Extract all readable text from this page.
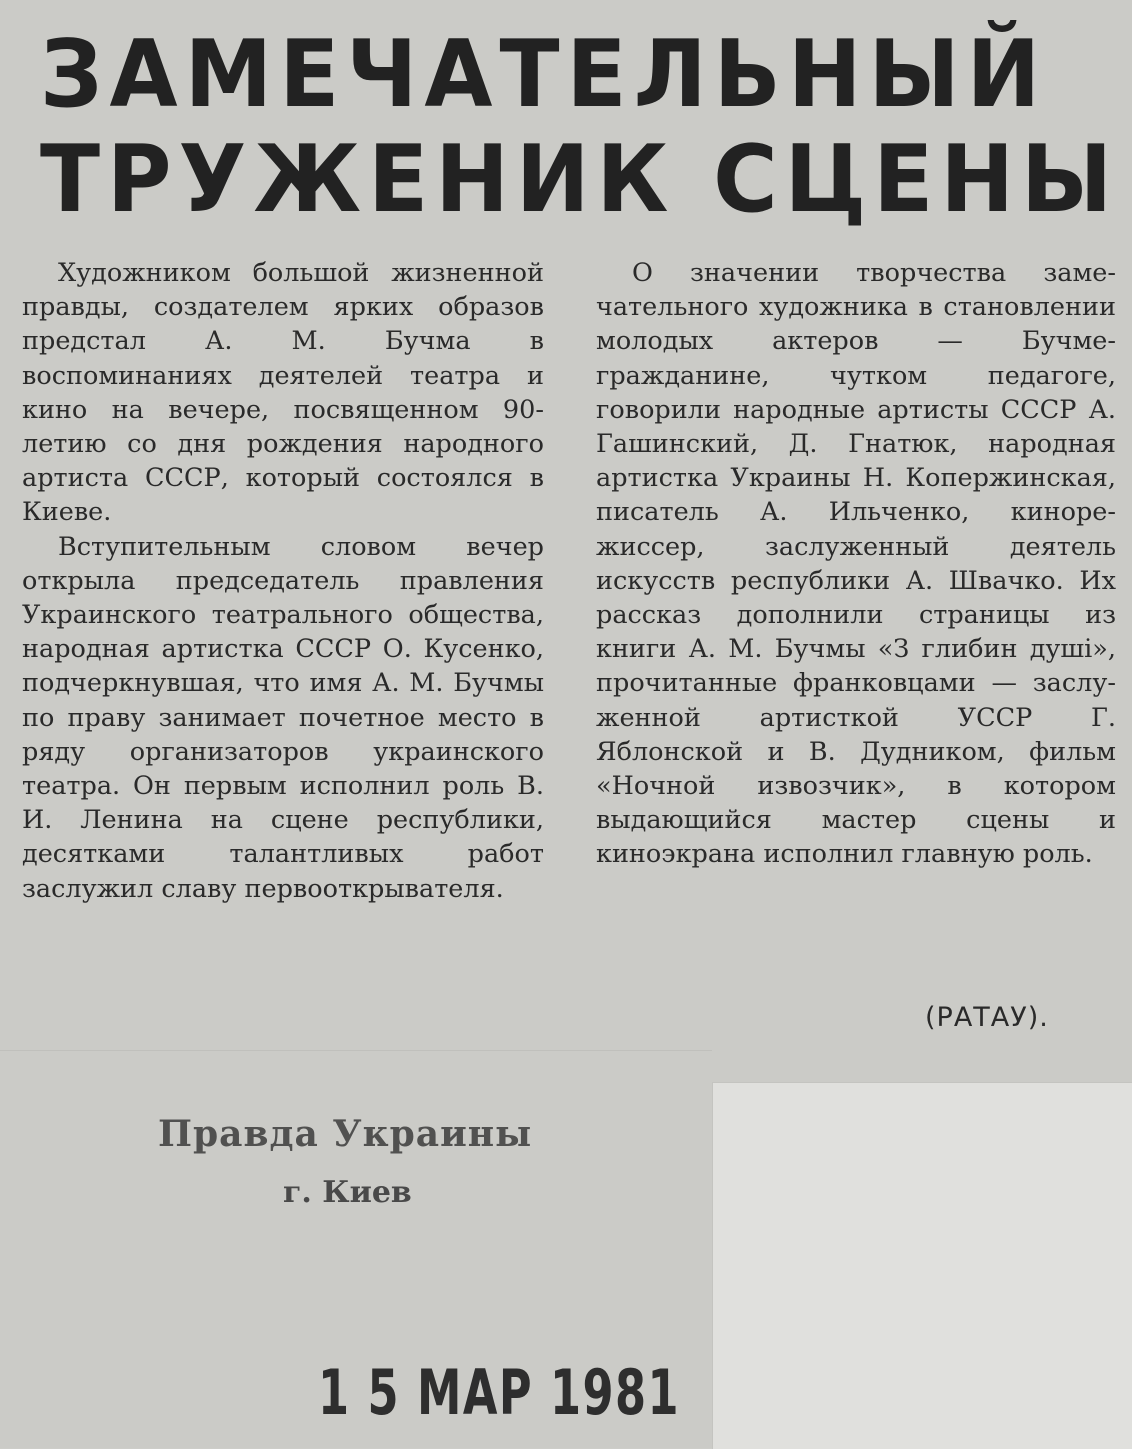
ЗАМЕЧАТЕЛЬНЫЙ
ТРУЖЕНИК СЦЕНЫ

Художником большой жизненной правды, создателем ярких образов предстал А. М. Бучма в воспоминаниях деятелей театра и кино на вечере, посвященном 90-летию со дня рождения народного артиста СССР, который состоялся в Киеве.

Вступительным словом вечер открыла председатель правления Украинского театрального общества, народная артистка СССР О. Кусенко, подчеркнувшая, что имя А. М. Бучмы по праву занимает почетное место в ряду организаторов украинского театра. Он первым исполнил роль В. И. Ленина на сцене республики, десятками талантливых работ заслужил славу первооткрывателя.

О значении творчества замечательного художника в становлении молодых актеров — Бучме-гражданине, чутком педагоге, говорили народные артисты СССР А. Гашинский, Д. Гнатюк, народная артистка Украины Н. Копержинская, писатель А. Ильченко, кинорежиссер, заслуженный деятель искусств республики А. Швачко. Их рассказ дополнили страницы из книги А. М. Бучмы «З глибин душі», прочитанные франковцами — заслуженной артисткой УССР Г. Яблонской и В. Дудником, фильм «Ночной извозчик», в котором выдающийся мастер сцены и киноэкрана исполнил главную роль.

(РАТАУ).
Правда Украины
г. Киев
1 5 МАР 1981
